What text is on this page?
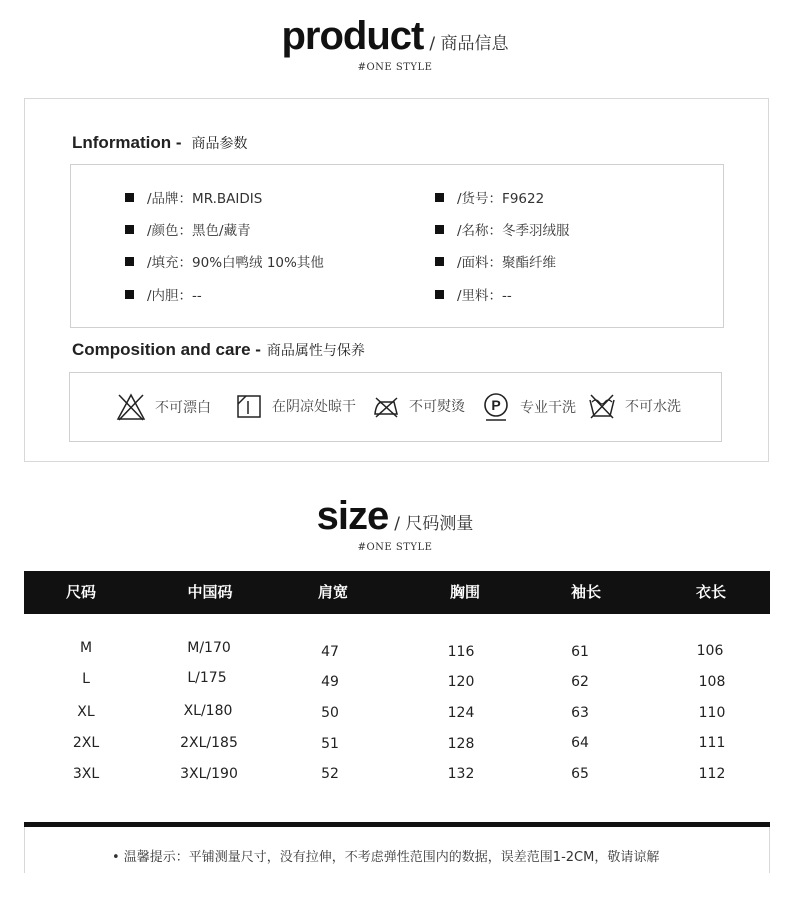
product / 商品信息
#ONE STYLE
Lnformation - 商品参数
/品牌：MR.BAIDIS
/颜色：黑色/藏青
/填充：90%白鸭绒 10%其他
/内胆：--
/货号：F9622
/名称：冬季羽绒服
/面料：聚酯纤维
/里料：--
Composition and care - 商品属性与保养
不可漂白	在阴凉处晾干	不可熨烫 P 专业干洗	不可水洗
size / 尺码测量
#ONE STYLE
尺码	中国码	肩宽	胸围	袖长	衣长
M	M/170	47	116	61	106
L	L/175	49	120	62	108
XL	XL/180	50	124	63	110
2XL	2XL/185	51	128	64	111
3XL	3XL/190	52	132	65	112
• 温馨提示：平铺测量尺寸，没有拉伸，不考虑弹性范围内的数据，误差范围1-2CM，敬请谅解
